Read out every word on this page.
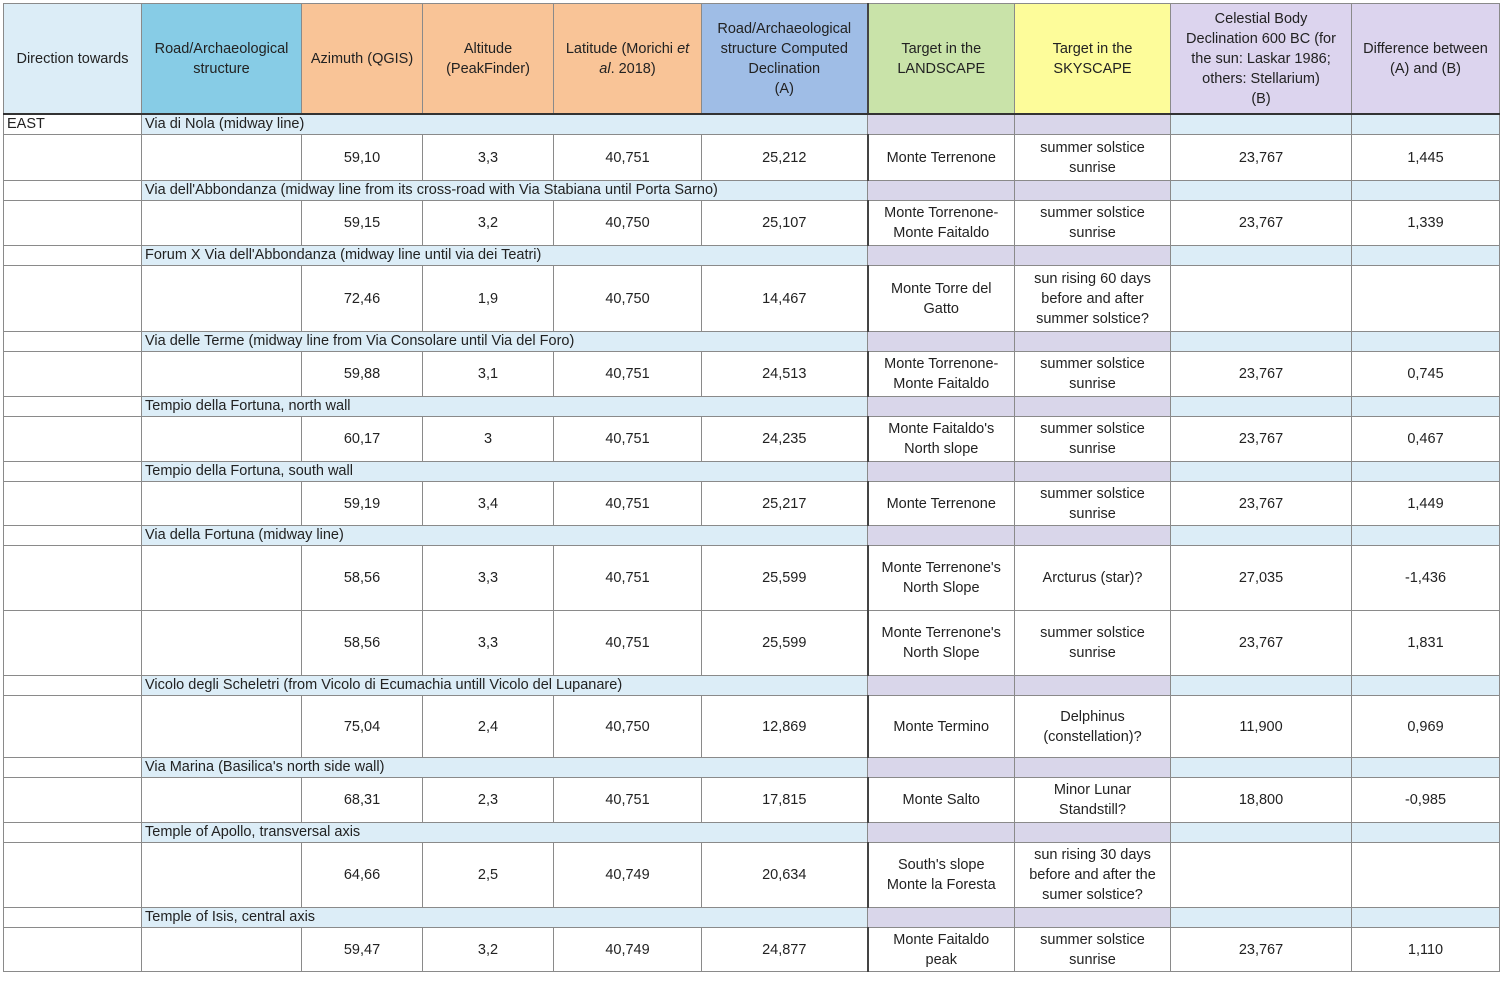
Direction towards	Road/Archaeological structure	Azimuth (QGIS)	Altitude (PeakFinder)	Latitude (Morichi et al. 2018)	Road/Archaeological
structure Computed
Declination
(A)	Target in the
LANDSCAPE	Target in the
SKYSCAPE	Celestial Body
Declination 600 BC (for
the sun: Laskar 1986;
others: Stellarium)
(B)	Difference between
(A) and (B)
EAST	Via di Nola (midway line)								
		59,10	3,3	40,751	25,212	Monte Terrenone	summer solstice
sunrise	23,767	1,445
	Via dell'Abbondanza (midway line from its cross-road with Via Stabiana until Porta Sarno)								
		59,15	3,2	40,750	25,107	Monte Torrenone-
Monte Faitaldo	summer solstice
sunrise	23,767	1,339
	Forum X Via dell'Abbondanza (midway line until via dei Teatri)								
		72,46	1,9	40,750	14,467	Monte Torre del
Gatto	sun rising 60 days
before and after
summer solstice?		
	Via delle Terme (midway line from Via Consolare until Via del Foro)								
		59,88	3,1	40,751	24,513	Monte Torrenone-
Monte Faitaldo	summer solstice
sunrise	23,767	0,745
	Tempio della Fortuna, north wall								
		60,17	3	40,751	24,235	Monte Faitaldo's
North slope	summer solstice
sunrise	23,767	0,467
	Tempio della Fortuna, south wall								
		59,19	3,4	40,751	25,217	Monte Terrenone	summer solstice
sunrise	23,767	1,449
	Via della Fortuna (midway line)								
		58,56	3,3	40,751	25,599	Monte Terrenone's
North Slope	Arcturus (star)?	27,035	-1,436
		58,56	3,3	40,751	25,599	Monte Terrenone's
North Slope	summer solstice
sunrise	23,767	1,831
	Vicolo degli Scheletri (from Vicolo di Ecumachia untill Vicolo del Lupanare)								
		75,04	2,4	40,750	12,869	Monte Termino	Delphinus
(constellation)?	11,900	0,969
	Via Marina (Basilica's north side wall)								
		68,31	2,3	40,751	17,815	Monte Salto	Minor Lunar
Standstill?	18,800	-0,985
	Temple of Apollo, transversal axis								
		64,66	2,5	40,749	20,634	South's slope
Monte la Foresta	sun rising 30 days
before and after the
sumer solstice?		
	Temple of Isis, central axis								
		59,47	3,2	40,749	24,877	Monte Faitaldo
peak	summer solstice
sunrise	23,767	1,110
